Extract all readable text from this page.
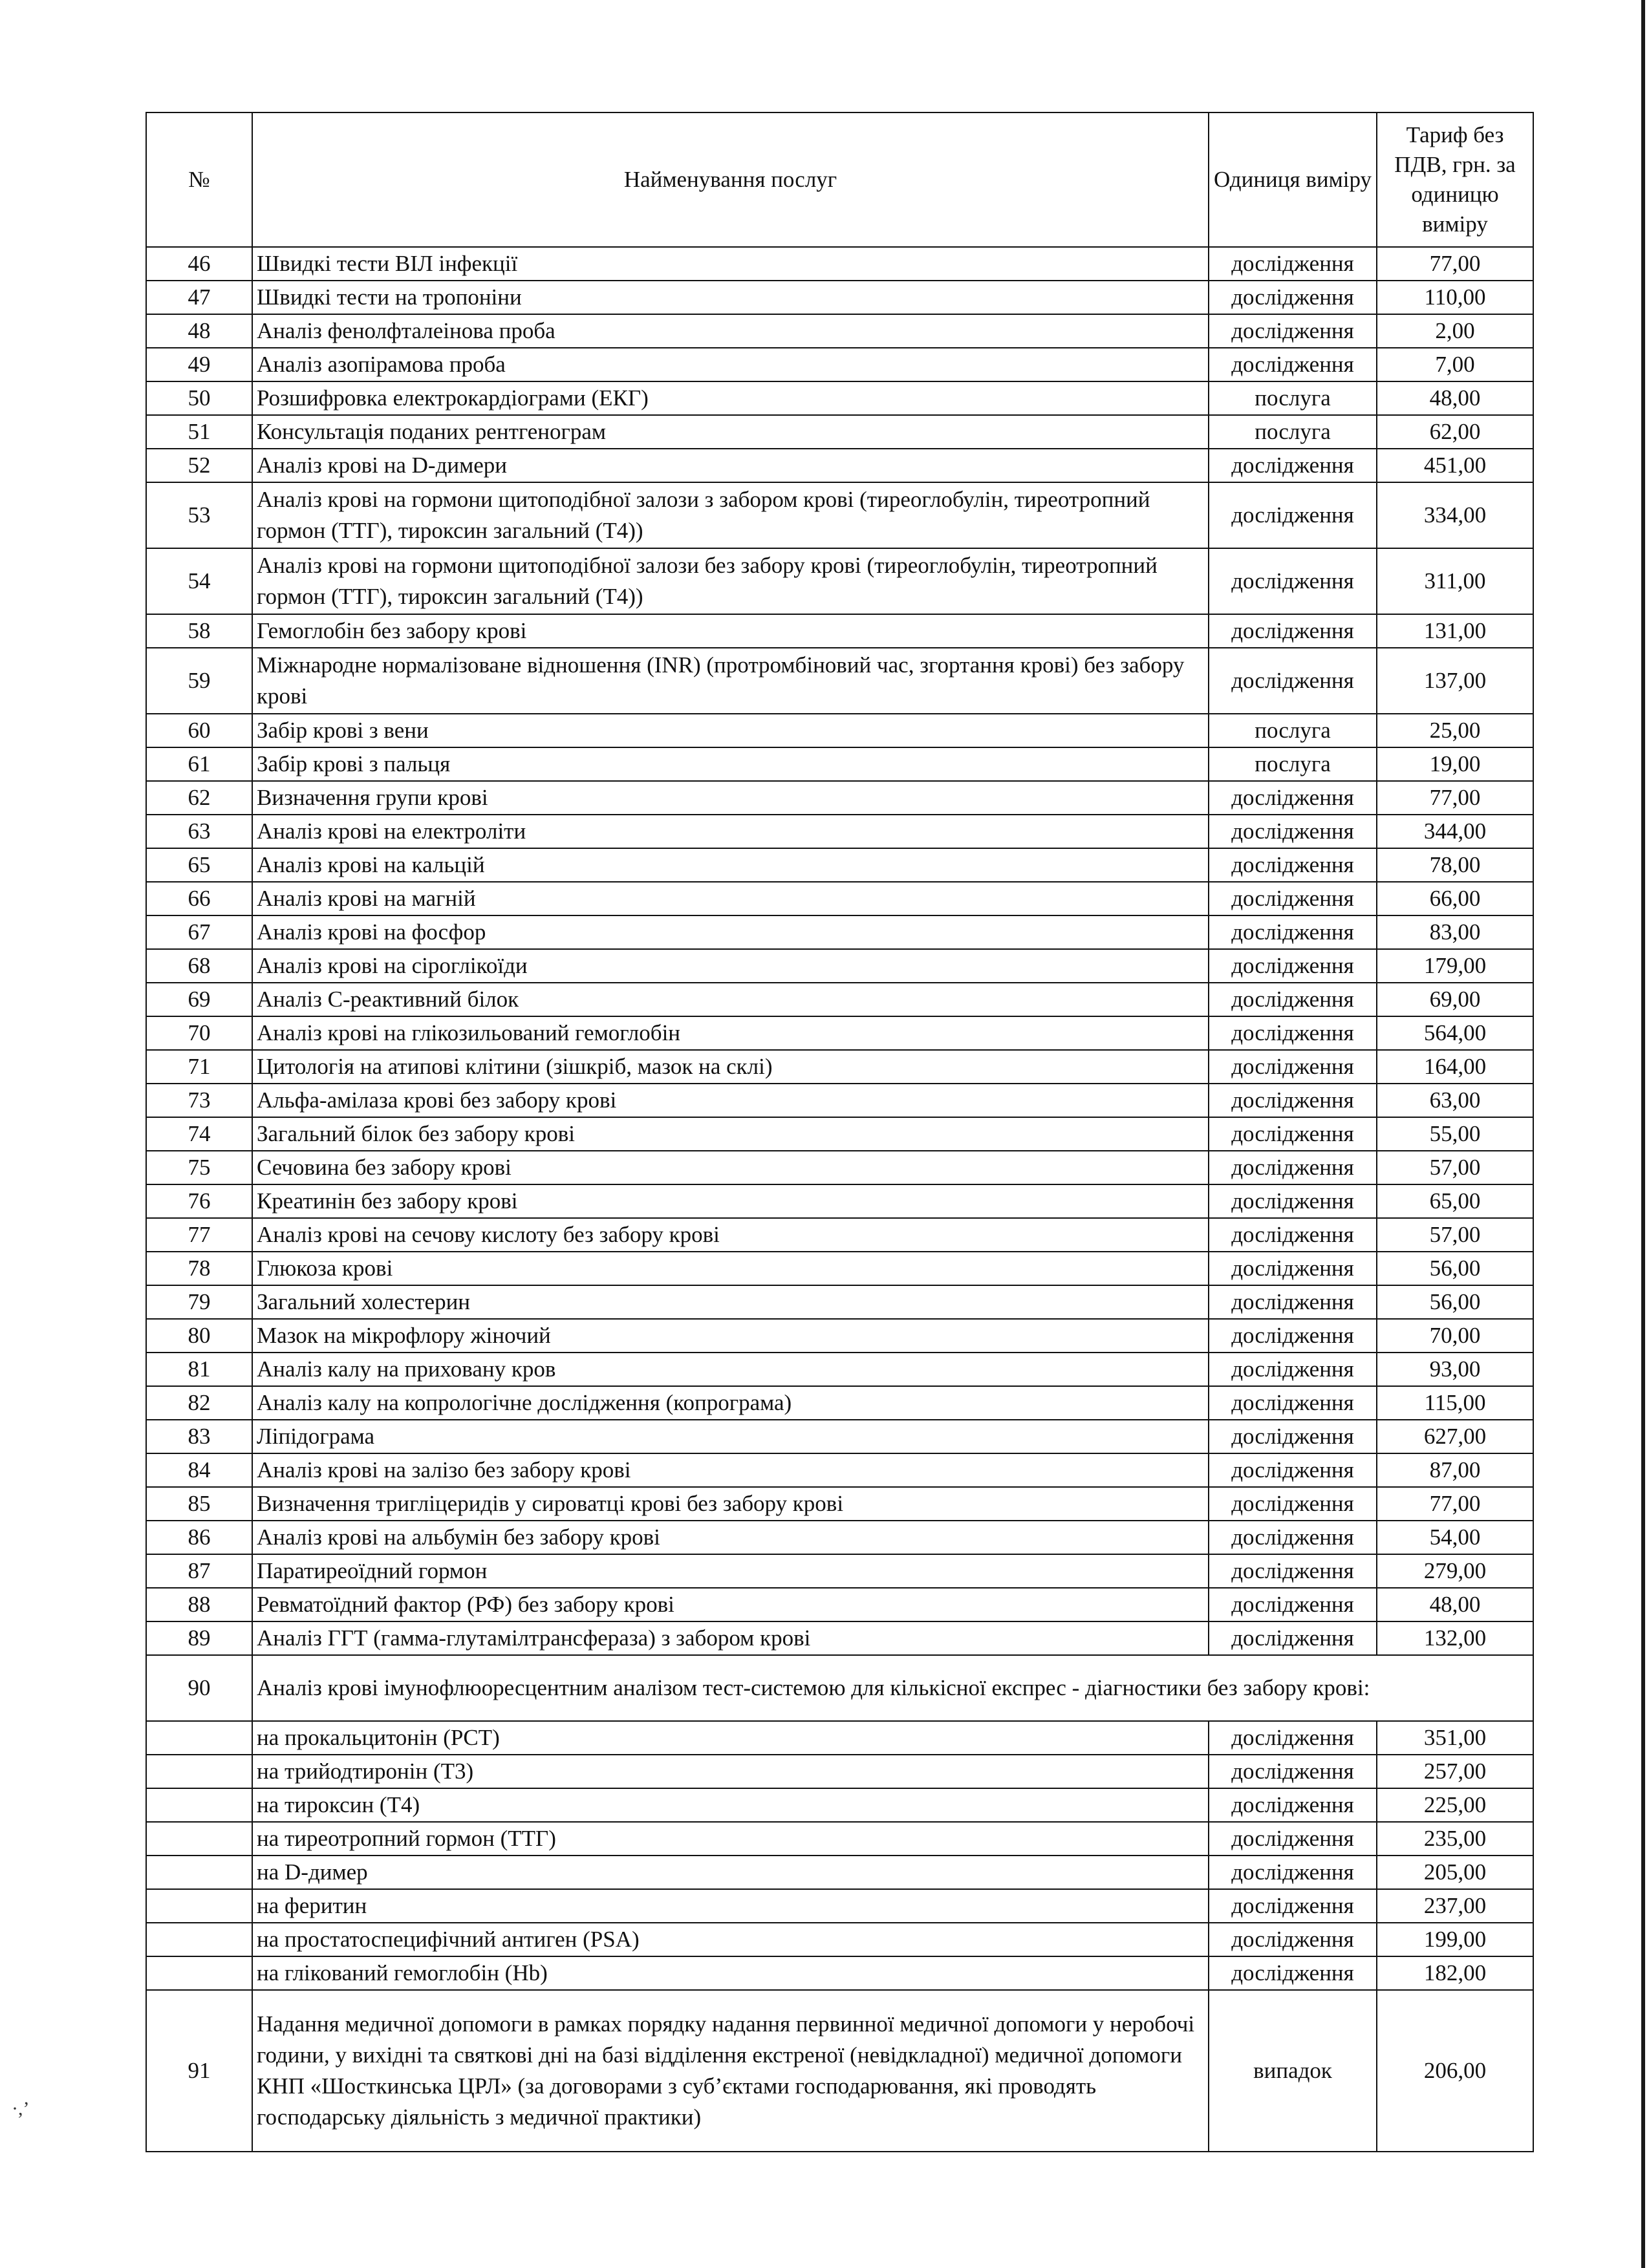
·,’
№	Найменування послуг	Одиниця виміру	Тариф без ПДВ, грн. за одиницю виміру
46	Швидкі тести ВІЛ інфекції	дослідження	77,00
47	Швидкі тести на тропоніни	дослідження	110,00
48	Аналіз фенолфталеінова проба	дослідження	2,00
49	Аналіз азопірамова проба	дослідження	7,00
50	Розшифровка електрокардіограми (ЕКГ)	послуга	48,00
51	Консультація поданих рентгенограм	послуга	62,00
52	Аналіз крові на D-димери	дослідження	451,00
53	Аналіз крові на гормони щитоподібної залози з забором крові (тиреоглобулін, тиреотропний гормон (ТТГ), тироксин загальний (Т4))	дослідження	334,00
54	Аналіз крові на гормони щитоподібної залози без забору крові (тиреоглобулін, тиреотропний гормон (ТТГ), тироксин загальний (Т4))	дослідження	311,00
58	Гемоглобін без забору крові	дослідження	131,00
59	Міжнародне нормалізоване відношення (INR) (протромбіновий час, згортання крові) без забору крові	дослідження	137,00
60	Забір крові з вени	послуга	25,00
61	Забір крові з пальця	послуга	19,00
62	Визначення групи крові	дослідження	77,00
63	Аналіз крові на електроліти	дослідження	344,00
65	Аналіз крові на кальцій	дослідження	78,00
66	Аналіз крові на магній	дослідження	66,00
67	Аналіз крові на фосфор	дослідження	83,00
68	Аналіз крові на сіроглікоїди	дослідження	179,00
69	Аналіз С-реактивний білок	дослідження	69,00
70	Аналіз крові на глікозильований гемоглобін	дослідження	564,00
71	Цитологія на атипові клітини (зішкріб, мазок на склі)	дослідження	164,00
73	Альфа-амілаза крові без забору крові	дослідження	63,00
74	Загальний білок без забору крові	дослідження	55,00
75	Сечовина без забору крові	дослідження	57,00
76	Креатинін без забору крові	дослідження	65,00
77	Аналіз крові на сечову кислоту без забору крові	дослідження	57,00
78	Глюкоза крові	дослідження	56,00
79	Загальний холестерин	дослідження	56,00
80	Мазок на мікрофлору жіночий	дослідження	70,00
81	Аналіз калу на приховану кров	дослідження	93,00
82	Аналіз калу на копрологічне дослідження (копрограма)	дослідження	115,00
83	Ліпідограма	дослідження	627,00
84	Аналіз крові на залізо без забору крові	дослідження	87,00
85	Визначення тригліцеридів у сироватці крові без забору крові	дослідження	77,00
86	Аналіз крові на альбумін без забору крові	дослідження	54,00
87	Паратиреоїдний гормон	дослідження	279,00
88	Ревматоїдний фактор (РФ) без забору крові	дослідження	48,00
89	Аналіз ГГТ (гамма-глутамілтрансфераза) з забором крові	дослідження	132,00
90	Аналіз крові імунофлюоресцентним аналізом тест-системою для кількісної експрес - діагностики без забору крові:		
	на прокальцитонін (PCT)	дослідження	351,00
	на трийодтиронін (Т3)	дослідження	257,00
	на тироксин (Т4)	дослідження	225,00
	на тиреотропний гормон (ТТГ)	дослідження	235,00
	на D-димер	дослідження	205,00
	на феритин	дослідження	237,00
	на простатоспецифічний антиген (PSA)	дослідження	199,00
	на глікований гемоглобін (Hb)	дослідження	182,00
91	Надання медичної допомоги в рамках порядку надання первинної медичної допомоги у неробочі години, у вихідні та святкові дні на базі відділення екстреної (невідкладної) медичної допомоги КНП «Шосткинська ЦРЛ» (за договорами з суб’єктами господарювання, які проводять господарську діяльність з медичної практики)	випадок	206,00
